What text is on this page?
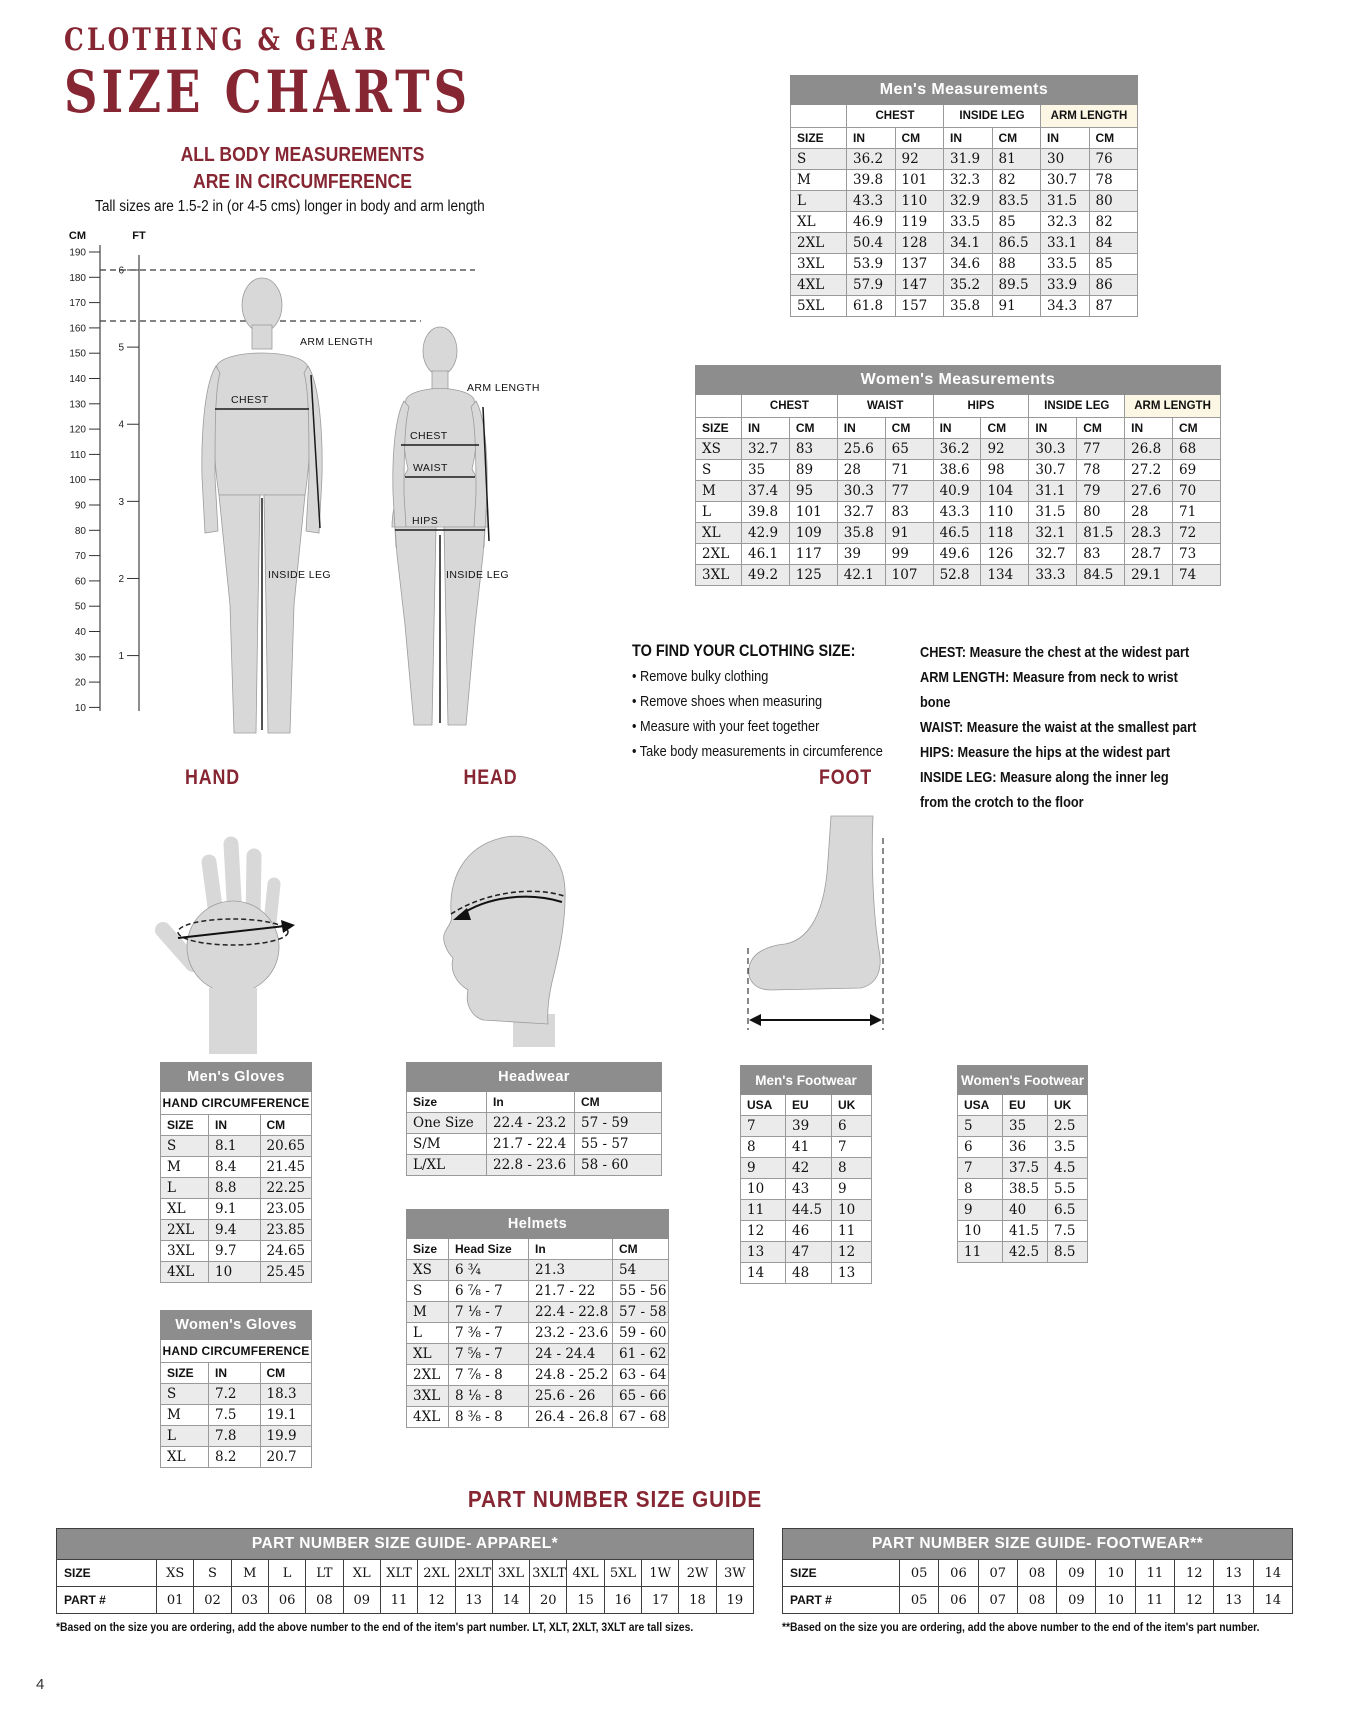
CLOTHING & GEAR
SIZE CHARTS
ALL BODY MEASUREMENTS
ARE IN CIRCUMFERENCE
Tall sizes are 1.5-2 in (or 4-5 cms) longer in body and arm length
CM	FT
190
180
170
160
150
140
130
120
110
100
90
80
70
60
50
40
30
20
10
6
5
4
3
2
1
ARM LENGTH
CHEST
INSIDE LEG
ARM LENGTH
CHEST
WAIST
HIPS
INSIDE LEG
Men's Measurements						
	CHEST		INSIDE LEG		ARM LENGTH	
SIZE	IN	CM	IN	CM	IN	CM
S	36.2	92	31.9	81	30	76
M	39.8	101	32.3	82	30.7	78
L	43.3	110	32.9	83.5	31.5	80
XL	46.9	119	33.5	85	32.3	82
2XL	50.4	128	34.1	86.5	33.1	84
3XL	53.9	137	34.6	88	33.5	85
4XL	57.9	147	35.2	89.5	33.9	86
5XL	61.8	157	35.8	91	34.3	87
Women's Measurements										
	CHEST		WAIST		HIPS		INSIDE LEG		ARM LENGTH	
SIZE	IN	CM	IN	CM	IN	CM	IN	CM	IN	CM
XS	32.7	83	25.6	65	36.2	92	30.3	77	26.8	68
S	35	89	28	71	38.6	98	30.7	78	27.2	69
M	37.4	95	30.3	77	40.9	104	31.1	79	27.6	70
L	39.8	101	32.7	83	43.3	110	31.5	80	28	71
XL	42.9	109	35.8	91	46.5	118	32.1	81.5	28.3	72
2XL	46.1	117	39	99	49.6	126	32.7	83	28.7	73
3XL	49.2	125	42.1	107	52.8	134	33.3	84.5	29.1	74
TO FIND YOUR CLOTHING SIZE:
• Remove bulky clothing
• Remove shoes when measuring
• Measure with your feet together
• Take body measurements in circumference
CHEST: Measure the chest at the widest part
ARM LENGTH: Measure from neck to wrist bone
WAIST: Measure the waist at the smallest part
HIPS: Measure the hips at the widest part
INSIDE LEG: Measure along the inner leg from the crotch to the floor
HAND	HEAD	FOOT
Men's Gloves		
HAND CIRCUMFERENCE		
SIZE	IN	CM
S	8.1	20.65
M	8.4	21.45
L	8.8	22.25
XL	9.1	23.05
2XL	9.4	23.85
3XL	9.7	24.65
4XL	10	25.45
Women's Gloves		
HAND CIRCUMFERENCE		
SIZE	IN	CM
S	7.2	18.3
M	7.5	19.1
L	7.8	19.9
XL	8.2	20.7
Headwear		
Size	In	CM
One Size	22.4 - 23.2	57 - 59
S/M	21.7 - 22.4	55 - 57
L/XL	22.8 - 23.6	58 - 60
Helmets			
Size	Head Size	In	CM
XS	6 ¾	21.3	54
S	6 ⅞ - 7	21.7 - 22	55 - 56
M	7 ⅛ - 7	22.4 - 22.8	57 - 58
L	7 ⅜ - 7	23.2 - 23.6	59 - 60
XL	7 ⅝ - 7	24 - 24.4	61 - 62
2XL	7 ⅞ - 8	24.8 - 25.2	63 - 64
3XL	8 ⅛ - 8	25.6 - 26	65 - 66
4XL	8 ⅜ - 8	26.4 - 26.8	67 - 68
Men's Footwear		
USA	EU	UK
7	39	6
8	41	7
9	42	8
10	43	9
11	44.5	10
12	46	11
13	47	12
14	48	13
Women's Footwear		
USA	EU	UK
5	35	2.5
6	36	3.5
7	37.5	4.5
8	38.5	5.5
9	40	6.5
10	41.5	7.5
11	42.5	8.5
PART NUMBER SIZE GUIDE
PART NUMBER SIZE GUIDE- APPAREL*																
SIZE	XS	S	M	L	LT	XL	XLT	2XL	2XLT	3XL	3XLT	4XL	5XL	1W	2W	3W
PART #	01	02	03	06	08	09	11	12	13	14	20	15	16	17	18	19
PART NUMBER SIZE GUIDE- FOOTWEAR**										
SIZE	05	06	07	08	09	10	11	12	13	14
PART #	05	06	07	08	09	10	11	12	13	14
*Based on the size you are ordering, add the above number to the end of the item's part number. LT, XLT, 2XLT, 3XLT are tall sizes.	**Based on the size you are ordering, add the above number to the end of the item's part number.
4
